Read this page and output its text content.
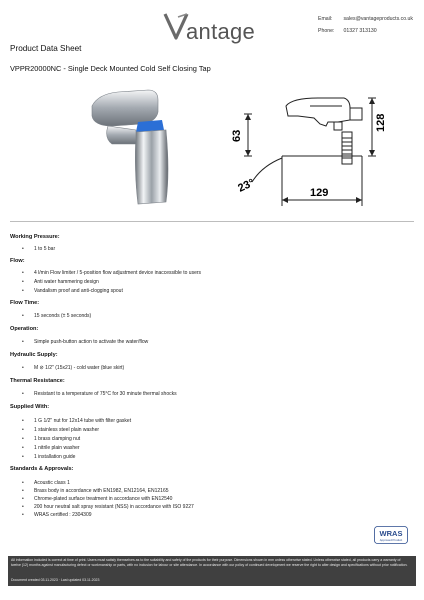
antage	Email: sales@vantageproducts.co.uk
Phone: 01327 313130
Product Data Sheet
VPPR20000NC - Single Deck Mounted Cold Self Closing Tap
128
63
23°	129
Working Pressure:
• 1 to 5 bar
Flow:
• 4 l/min Flow limiter / 5-position flow adjustment device inaccessible to users
• Anti water hammering design
• Vandalism proof and anti-clogging spout
Flow Time:
• 15 seconds (± 5 seconds)
Operation:
• Simple push-button action to activate the water/flow
Hydraulic Supply:
• M ⊘ 1/2" (15x21) - cold water (blue skirt)
Thermal Resistance:
• Resistant to a temperature of 75°C for 30 minute thermal shocks
Supplied With:
• 1 G 1/2" nut for 12x14 tube with filter gasket
• 1 stainless steel plain washer
• 1 brass clamping nut
• 1 nitrile plain washer
• 1 installation guide
Standards & Approvals:
• Acoustic class 1
• Brass body in accordance with EN1982, EN12164, EN12165
• Chrome-plated surface treatment in accordance with EN12540
• 200 hour neutral salt spray resistant (NSS) in accordance with ISO 9227
• WRAS certified : 2304309
WRAS
Approved Product
All information included is correct at time of print. Users must satisfy themselves as to the suitability and safety of the products for their purpose. Dimensions shown in mm unless otherwise stated. Unless otherwise stated, all products carry a warranty of twelve (12) months against manufacturing defect or workmanship or parts, with no inclusion for labour or site attendance. In accordance with our policy of continued development we reserve the right to alter design and specifications without prior notification.
Document created 03.11.2023 · Last updated 03.11.2023
